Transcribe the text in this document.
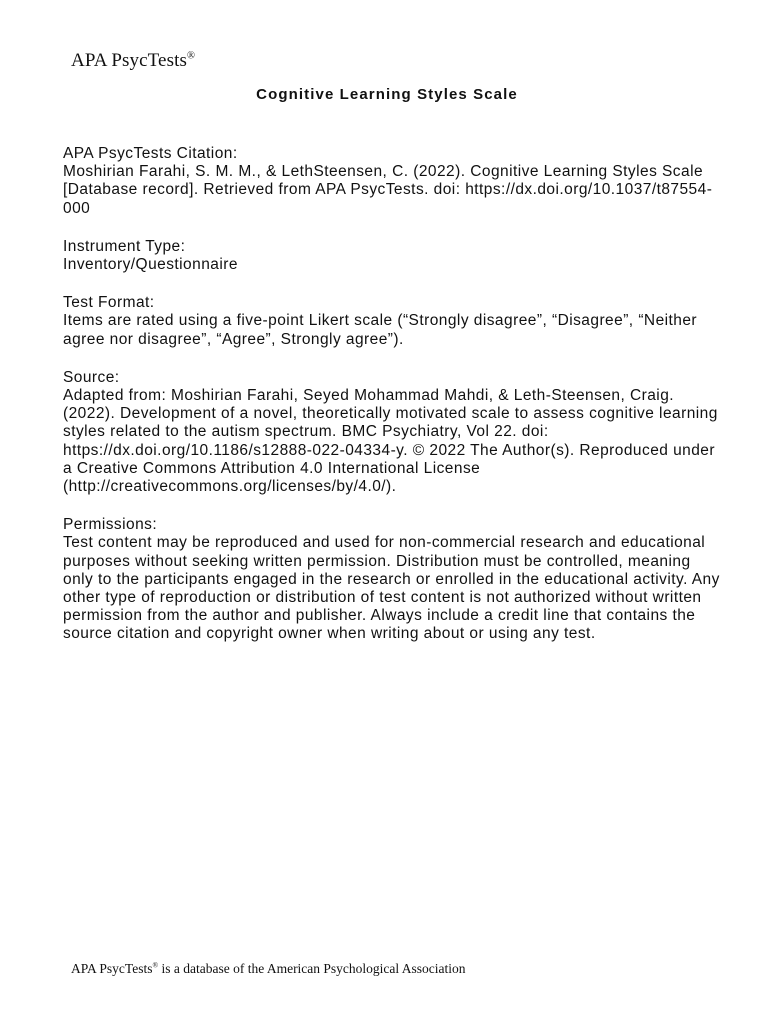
APA PsycTests®
Cognitive Learning Styles Scale
APA PsycTests Citation:
Moshirian Farahi, S. M. M., & LethSteensen, C. (2022). Cognitive Learning Styles Scale [Database record]. Retrieved from APA PsycTests. doi: https://dx.doi.org/10.1037/t87554-000
Instrument Type:
Inventory/Questionnaire
Test Format:
Items are rated using a five-point Likert scale (“Strongly disagree”, “Disagree”, “Neither agree nor disagree”, “Agree”, Strongly agree”).
Source:
Adapted from: Moshirian Farahi, Seyed Mohammad Mahdi, & Leth-Steensen, Craig. (2022). Development of a novel, theoretically motivated scale to assess cognitive learning styles related to the autism spectrum. BMC Psychiatry, Vol 22. doi: https://dx.doi.org/10.1186/s12888-022-04334-y. © 2022 The Author(s). Reproduced under a Creative Commons Attribution 4.0 International License (http://creativecommons.org/licenses/by/4.0/).
Permissions:
Test content may be reproduced and used for non-commercial research and educational purposes without seeking written permission. Distribution must be controlled, meaning only to the participants engaged in the research or enrolled in the educational activity. Any other type of reproduction or distribution of test content is not authorized without written permission from the author and publisher. Always include a credit line that contains the source citation and copyright owner when writing about or using any test.
APA PsycTests® is a database of the American Psychological Association
